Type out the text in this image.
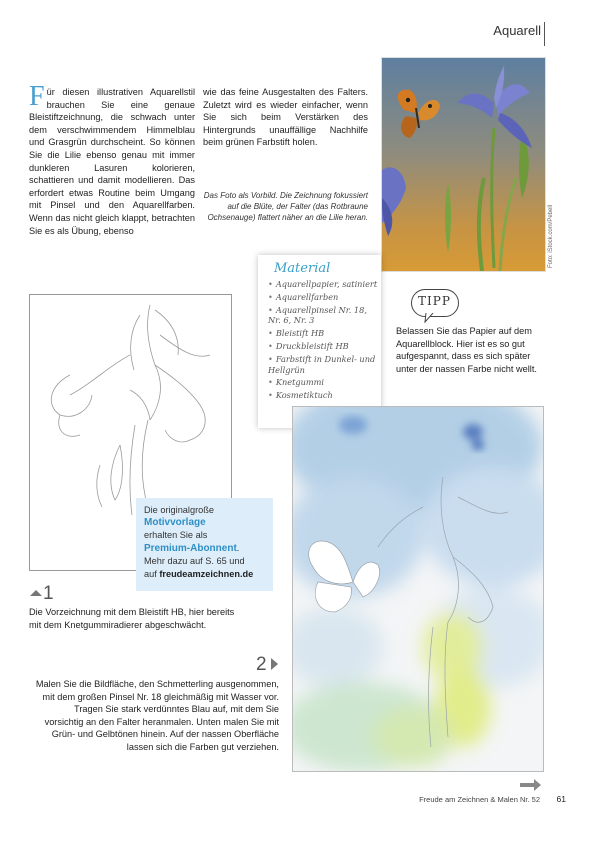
Aquarell
Für diesen illustrativen Aquarellstil brauchen Sie eine genaue Bleistiftzeichnung, die schwach unter dem verschwimmendem Himmelblau und Grasgrün durchscheint. So können Sie die Lilie ebenso genau mit immer dunkleren Lasuren kolorieren, schattieren und damit modellieren. Das erfordert etwas Routine beim Umgang mit Pinsel und den Aquarellfarben. Wenn das nicht gleich klappt, betrachten Sie es als Übung, ebenso
wie das feine Ausgestalten des Falters. Zuletzt wird es wieder einfacher, wenn Sie sich beim Verstärken des Hintergrunds unauffällige Nachhilfe beim grünen Farbstift holen.
Das Foto als Vorbild. Die Zeichnung fokussiert auf die Blüte, der Falter (das Rotbraune Ochsenauge) flattert näher an die Lilie heran.	Foto: iStock.com/Pebell
Material
• Aquarellpapier, satiniert
• Aquarellfarben
• Aquarellpinsel Nr. 18, Nr. 6, Nr. 3
• Bleistift HB
• Druckbleistift HB
• Farbstift in Dunkel- und Hellgrün
• Knetgummi
• Kosmetiktuch
TIPP
Belassen Sie das Papier auf dem Aquarellblock. Hier ist es so gut aufgespannt, dass es sich später unter der nassen Farbe nicht wellt.
Die originalgroße
Motivvorlage
erhalten Sie als
Premium-Abonnent.
Mehr dazu auf S. 65 und
auf freudeamzeichnen.de
1
Die Vorzeichnung mit dem Bleistift HB, hier bereits mit dem Knetgummiradierer abgeschwächt.
2
Malen Sie die Bildfläche, den Schmetterling ausgenommen, mit dem großen Pinsel Nr. 18 gleichmäßig mit Wasser vor. Tragen Sie stark verdünntes Blau auf, mit dem Sie vorsichtig an den Falter heranmalen. Unten malen Sie mit Grün- und Gelbtönen hinein. Auf der nassen Oberfläche lassen sich die Farben gut verziehen.
Freude am Zeichnen & Malen Nr. 52 61
